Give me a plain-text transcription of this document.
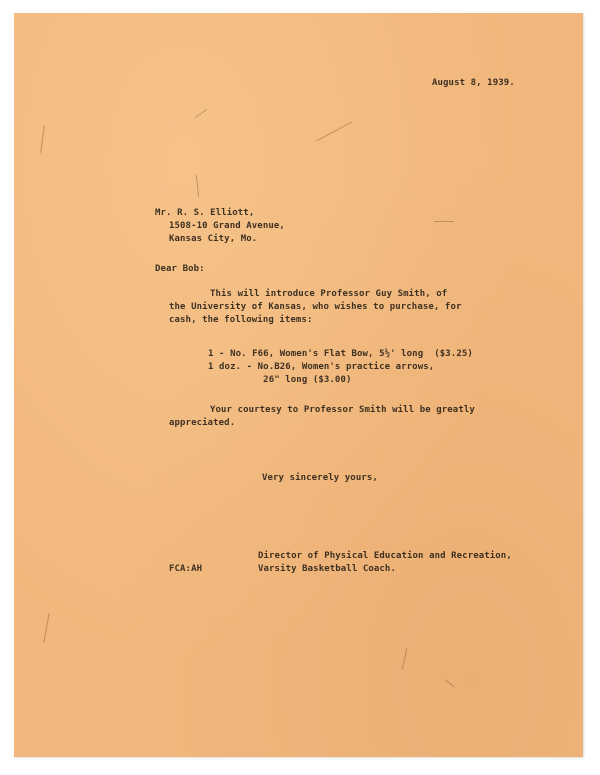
August 8, 1939.
Mr. R. S. Elliott,
1508-10 Grand Avenue,
Kansas City, Mo.
Dear Bob:
This will introduce Professor Guy Smith, of
the University of Kansas, who wishes to purchase, for
cash, the following items:
1 - No. F66, Women's Flat Bow, 5½' long  ($3.25)
1 doz. - No.B26, Women's practice arrows,
26" long ($3.00)
Your courtesy to Professor Smith will be greatly
appreciated.
Very sincerely yours,
Director of Physical Education and Recreation,
Varsity Basketball Coach.
FCA:AH
